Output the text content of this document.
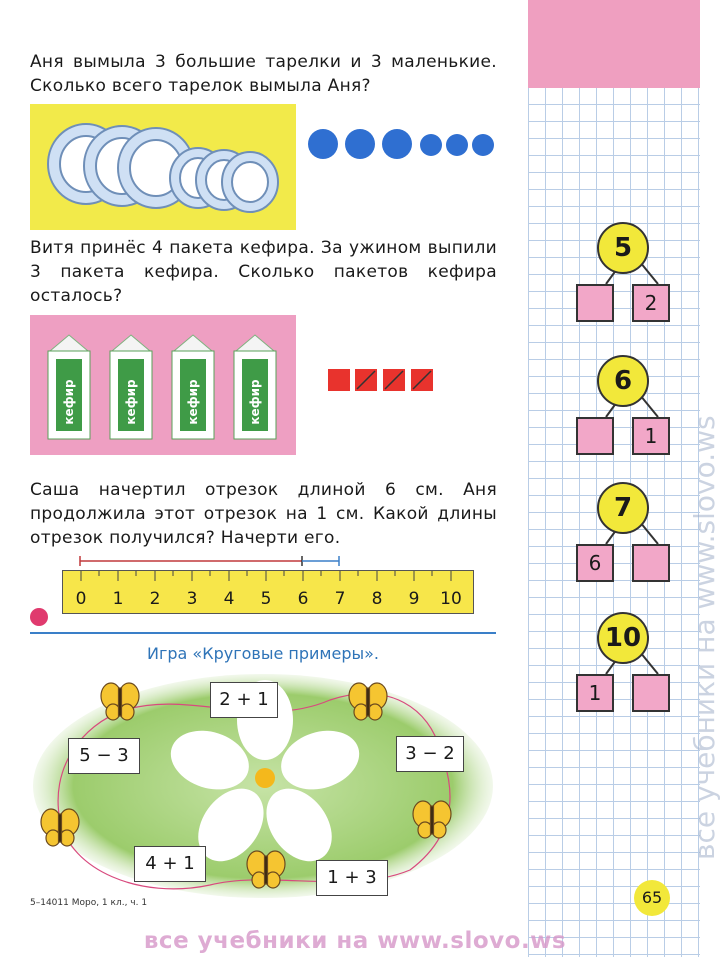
5
2
6
1
7
6
10
1	все учебники на www.slovo.ws
65
Аня вымыла 3 большие тарелки и 3 маленькие. Сколько всего тарелок вымыла Аня?
Витя принёс 4 пакета кефира. За ужином выпили 3 пакета кефира. Сколько пакетов кефира осталось?
кефир	кефир	кефир	кефир
Саша начертил отрезок длиной 6 см. Аня продолжила этот отрезок на 1 см. Какой длины отрезок получился? Начерти его.
0 1 2 3 4 5 6 7 8 9	10
Игра «Круговые примеры».
2 + 1
3 − 2
1 + 3
4 + 1
5 − 3
5–14011 Моро, 1 кл., ч. 1
все учебники на www.slovo.ws
